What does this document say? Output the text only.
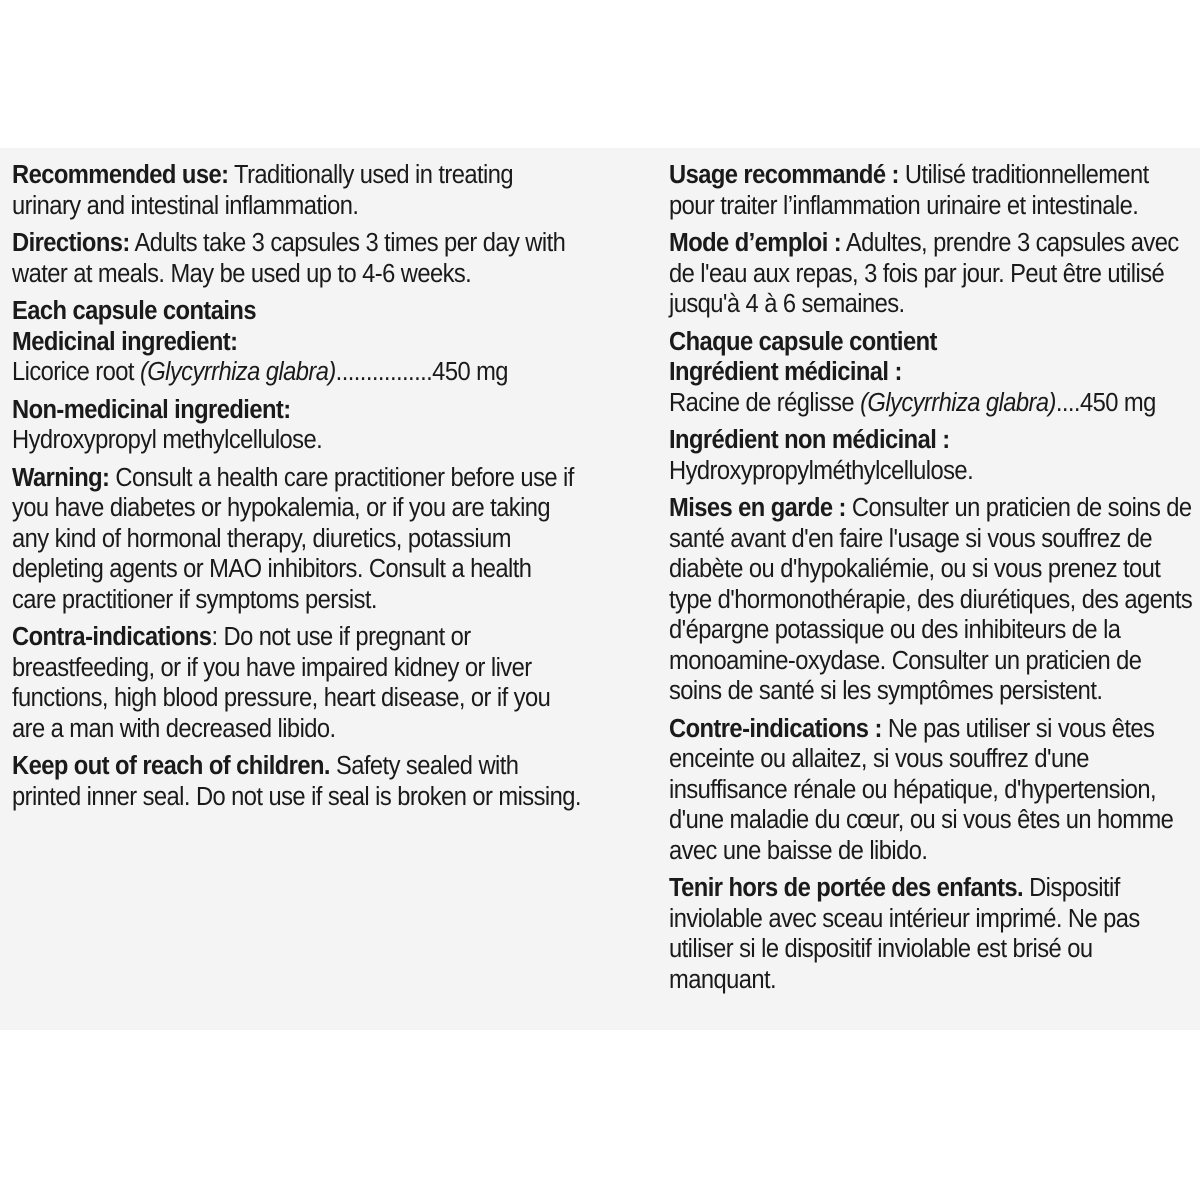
Recommended use: Traditionally used in treating urinary and intestinal inflammation.

Directions: Adults take 3 capsules 3 times per day with water at meals. May be used up to 4-6 weeks.

Each capsule contains

Medicinal ingredient:

Licorice root (Glycyrrhiza glabra)................450 mg

Non-medicinal ingredient:
Hydroxypropyl methylcellulose.

Warning: Consult a health care practitioner before use if you have diabetes or hypokalemia, or if you are taking any kind of hormonal therapy, diuretics, potassium depleting agents or MAO inhibitors. Consult a health care practitioner if symptoms persist.

Contra-indications: Do not use if pregnant or breastfeeding, or if you have impaired kidney or liver functions, high blood pressure, heart disease, or if you are a man with decreased libido.

Keep out of reach of children. Safety sealed with printed inner seal. Do not use if seal is broken or missing.

Usage recommandé : Utilisé traditionnellement pour traiter l’inflammation urinaire et intestinale.

Mode d’emploi : Adultes, prendre 3 capsules avec de l'eau aux repas, 3 fois par jour. Peut être utilisé jusqu'à 4 à 6 semaines.

Chaque capsule contient

Ingrédient médicinal :

Racine de réglisse (Glycyrrhiza glabra)....450 mg

Ingrédient non médicinal :
Hydroxypropylméthylcellulose.

Mises en garde : Consulter un praticien de soins de santé avant d'en faire l'usage si vous souffrez de diabète ou d'hypokaliémie, ou si vous prenez tout type d'hormonothérapie, des diurétiques, des agents d'épargne potassique ou des inhibiteurs de la monoamine-oxydase. Consulter un praticien de soins de santé si les symptômes persistent.

Contre-indications : Ne pas utiliser si vous êtes enceinte ou allaitez, si vous souffrez d'une insuffisance rénale ou hépatique, d'hypertension, d'une maladie du cœur, ou si vous êtes un homme avec une baisse de libido.

Tenir hors de portée des enfants. Dispositif inviolable avec sceau intérieur imprimé. Ne pas utiliser si le dispositif inviolable est brisé ou manquant.
